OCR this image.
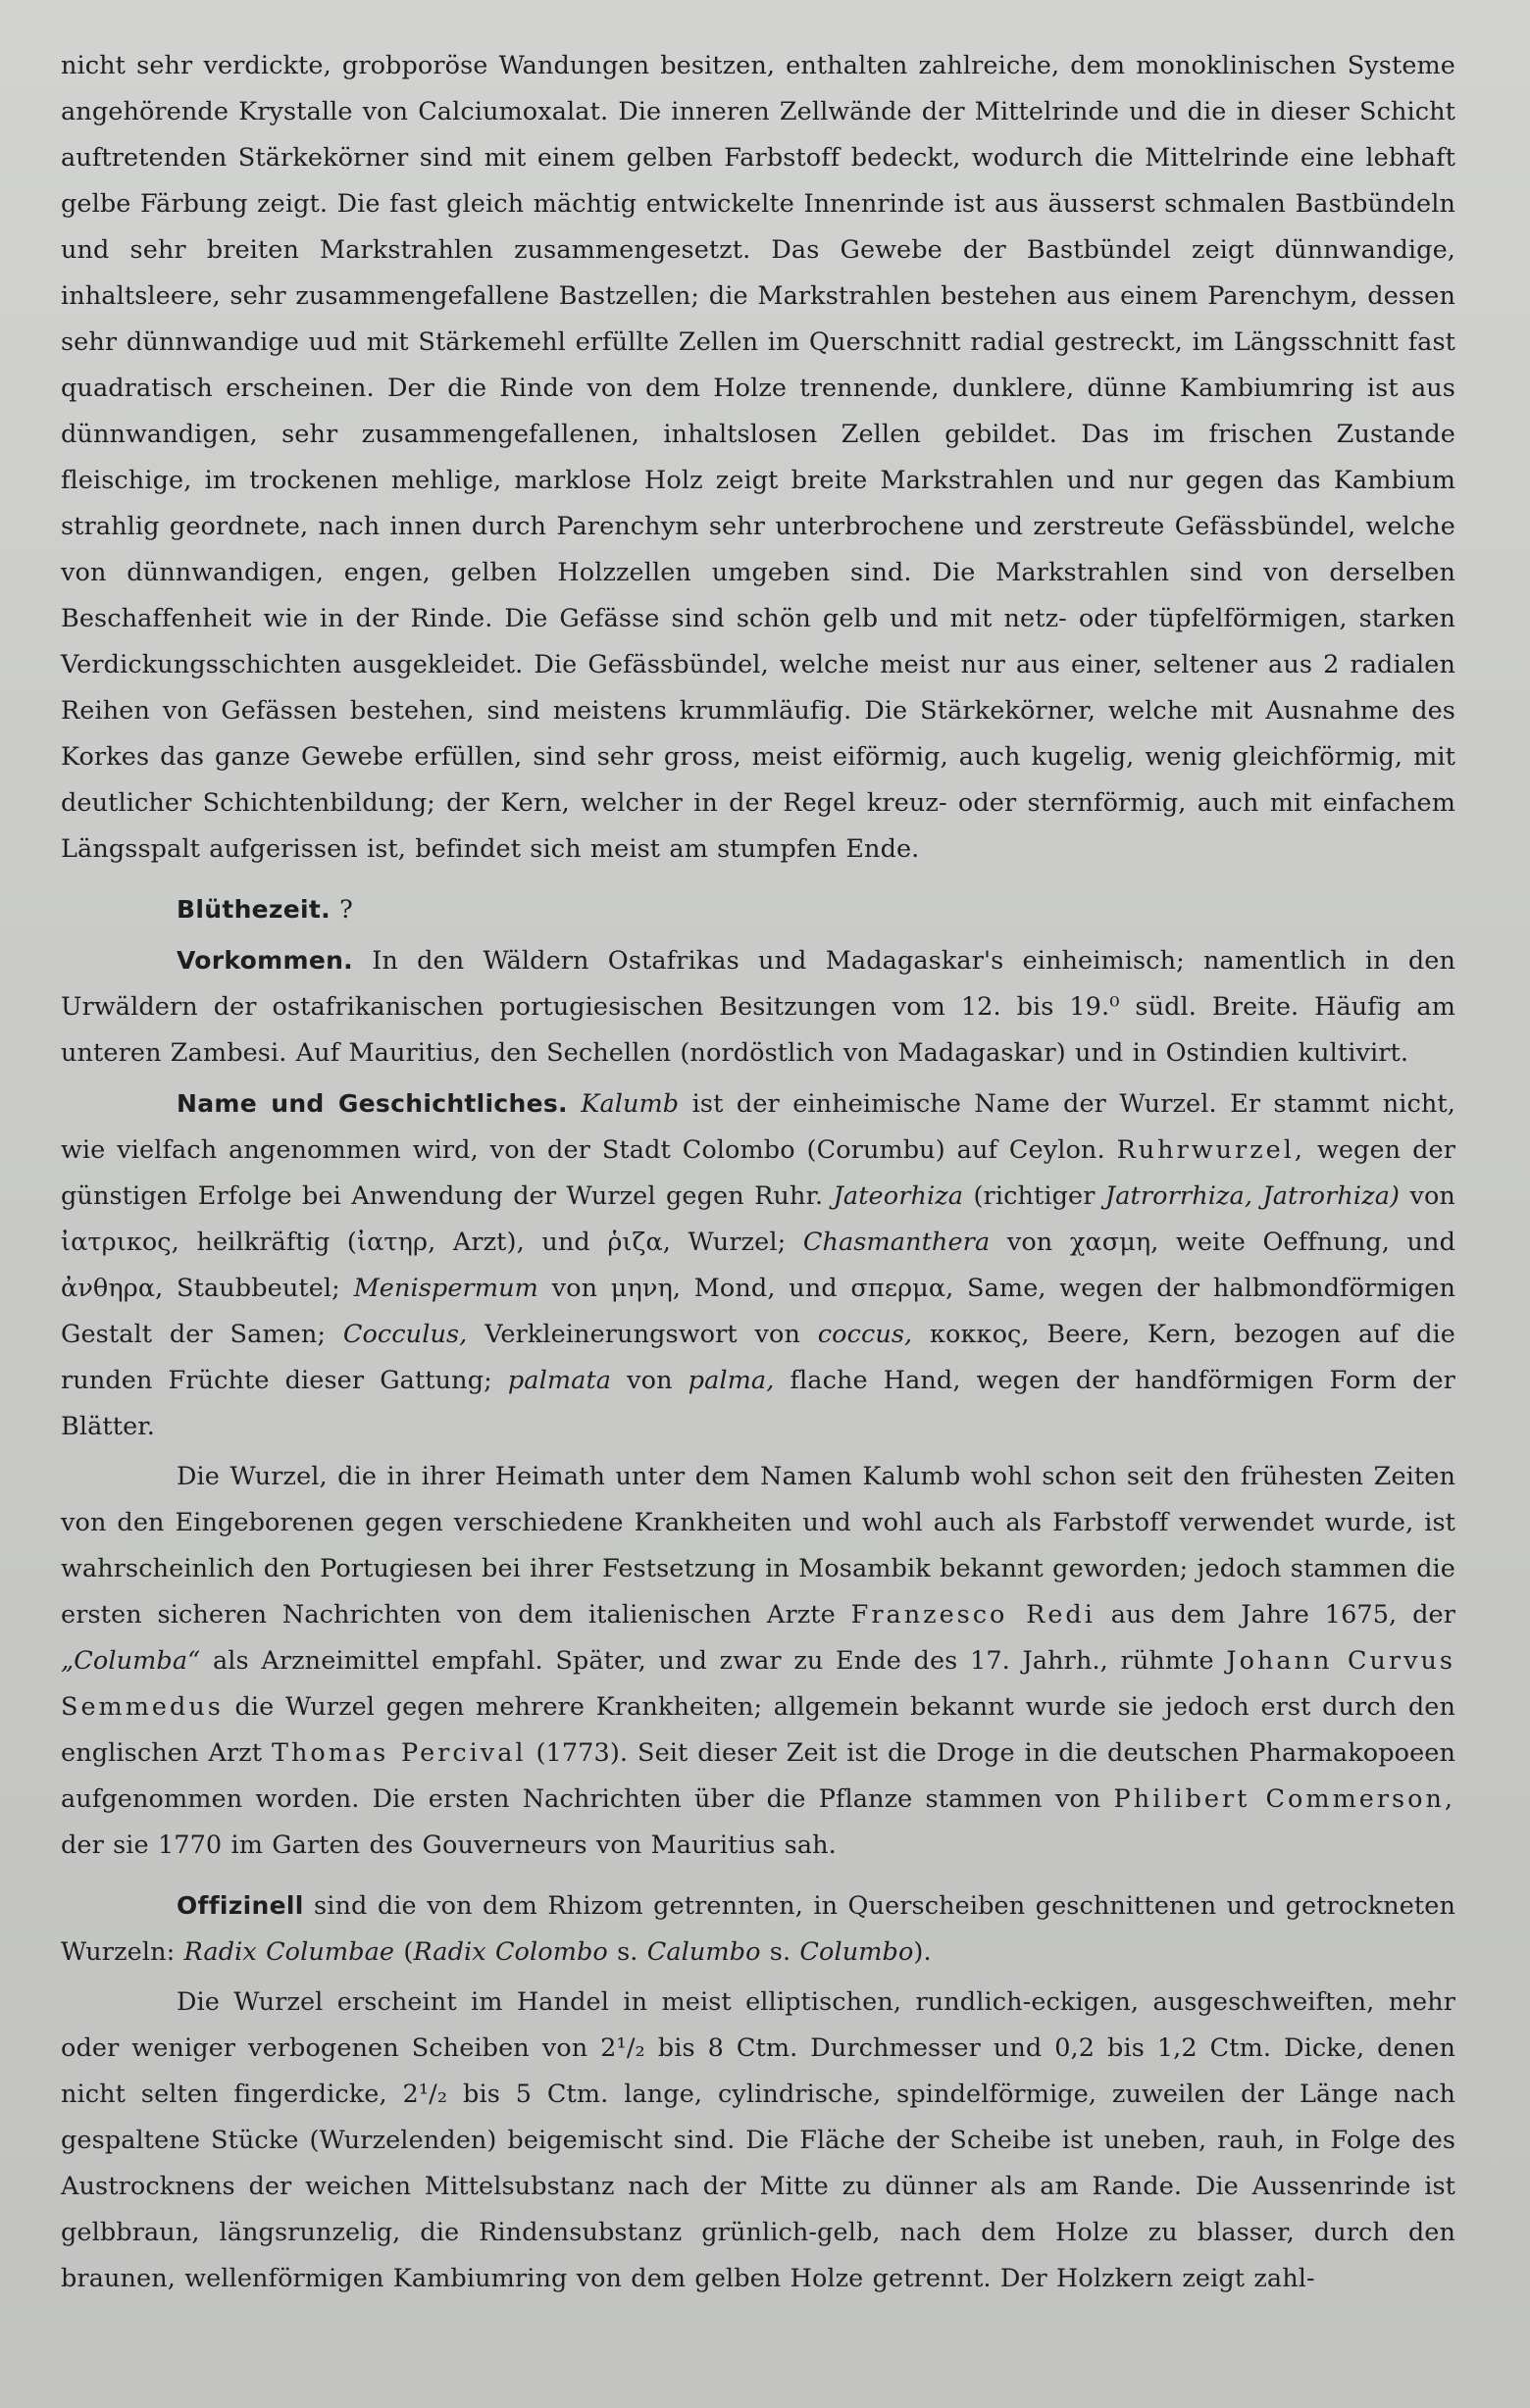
nicht sehr verdickte, grobporöse Wandungen besitzen, enthalten zahlreiche, dem monoklinischen Systeme angehörende Krystalle von Calciumoxalat. Die inneren Zellwände der Mittelrinde und die in dieser Schicht auftretenden Stärkekörner sind mit einem gelben Farbstoff bedeckt, wodurch die Mittelrinde eine lebhaft gelbe Färbung zeigt. Die fast gleich mächtig entwickelte Innenrinde ist aus äusserst schmalen Bastbündeln und sehr breiten Markstrahlen zusammengesetzt. Das Gewebe der Bastbündel zeigt dünnwandige, inhaltsleere, sehr zusammengefallene Bastzellen; die Markstrahlen bestehen aus einem Parenchym, dessen sehr dünnwandige uud mit Stärkemehl erfüllte Zellen im Querschnitt radial gestreckt, im Längsschnitt fast quadratisch erscheinen. Der die Rinde von dem Holze trennende, dunklere, dünne Kambiumring ist aus dünnwandigen, sehr zusammengefallenen, inhaltslosen Zellen gebildet. Das im frischen Zustande fleischige, im trockenen mehlige, marklose Holz zeigt breite Markstrahlen und nur gegen das Kambium strahlig geordnete, nach innen durch Parenchym sehr unterbrochene und zerstreute Gefässbündel, welche von dünnwandigen, engen, gelben Holzzellen umgeben sind. Die Markstrahlen sind von derselben Beschaffenheit wie in der Rinde. Die Gefässe sind schön gelb und mit netz- oder tüpfelförmigen, starken Verdickungsschichten ausgekleidet. Die Gefässbündel, welche meist nur aus einer, seltener aus 2 radialen Reihen von Gefässen bestehen, sind meistens krummläufig. Die Stärkekörner, welche mit Ausnahme des Korkes das ganze Gewebe erfüllen, sind sehr gross, meist eiförmig, auch kugelig, wenig gleichförmig, mit deutlicher Schichtenbildung; der Kern, welcher in der Regel kreuz- oder sternförmig, auch mit einfachem Längsspalt aufgerissen ist, befindet sich meist am stumpfen Ende.

Blüthezeit. ?

Vorkommen. In den Wäldern Ostafrikas und Madagaskar's einheimisch; namentlich in den Urwäldern der ostafrikanischen portugiesischen Besitzungen vom 12. bis 19.⁰ südl. Breite. Häufig am unteren Zambesi. Auf Mauritius, den Sechellen (nordöstlich von Madagaskar) und in Ostindien kultivirt.

Name und Geschichtliches. Kalumb ist der einheimische Name der Wurzel. Er stammt nicht, wie vielfach angenommen wird, von der Stadt Colombo (Corumbu) auf Ceylon. Ruhrwurzel, wegen der günstigen Erfolge bei Anwendung der Wurzel gegen Ruhr. Jateorhiza (richtiger Jatrorrhiza, Jatrorhiza) von ἰατρικος, heilkräftig (ἰατηρ, Arzt), und ῥιζα, Wurzel; Chasmanthera von χασμη, weite Oeffnung, und ἀνθηρα, Staubbeutel; Menispermum von μηνη, Mond, und σπερμα, Same, wegen der halbmondförmigen Gestalt der Samen; Cocculus, Verkleinerungswort von coccus, κοκκος, Beere, Kern, bezogen auf die runden Früchte dieser Gattung; palmata von palma, flache Hand, wegen der handförmigen Form der Blätter.

Die Wurzel, die in ihrer Heimath unter dem Namen Kalumb wohl schon seit den frühesten Zeiten von den Eingeborenen gegen verschiedene Krankheiten und wohl auch als Farbstoff verwendet wurde, ist wahrscheinlich den Portugiesen bei ihrer Festsetzung in Mosambik bekannt geworden; jedoch stammen die ersten sicheren Nachrichten von dem italienischen Arzte Franzesco Redi aus dem Jahre 1675, der „Columba“ als Arzneimittel empfahl. Später, und zwar zu Ende des 17. Jahrh., rühmte Johann Curvus Semmedus die Wurzel gegen mehrere Krankheiten; allgemein bekannt wurde sie jedoch erst durch den englischen Arzt Thomas Percival (1773). Seit dieser Zeit ist die Droge in die deutschen Pharmakopoeen aufgenommen worden. Die ersten Nachrichten über die Pflanze stammen von Philibert Commerson, der sie 1770 im Garten des Gouverneurs von Mauritius sah.

Offizinell sind die von dem Rhizom getrennten, in Querscheiben geschnittenen und getrockneten Wurzeln: Radix Columbae (Radix Colombo s. Calumbo s. Columbo).

Die Wurzel erscheint im Handel in meist elliptischen, rundlich-eckigen, ausgeschweiften, mehr oder weniger verbogenen Scheiben von 2¹/₂ bis 8 Ctm. Durchmesser und 0,2 bis 1,2 Ctm. Dicke, denen nicht selten fingerdicke, 2¹/₂ bis 5 Ctm. lange, cylindrische, spindelförmige, zuweilen der Länge nach gespaltene Stücke (Wurzelenden) beigemischt sind. Die Fläche der Scheibe ist uneben, rauh, in Folge des Austrocknens der weichen Mittelsubstanz nach der Mitte zu dünner als am Rande. Die Aussenrinde ist gelbbraun, längsrunzelig, die Rindensubstanz grünlich-gelb, nach dem Holze zu blasser, durch den braunen, wellenförmigen Kambiumring von dem gelben Holze getrennt. Der Holzkern zeigt zahl-
